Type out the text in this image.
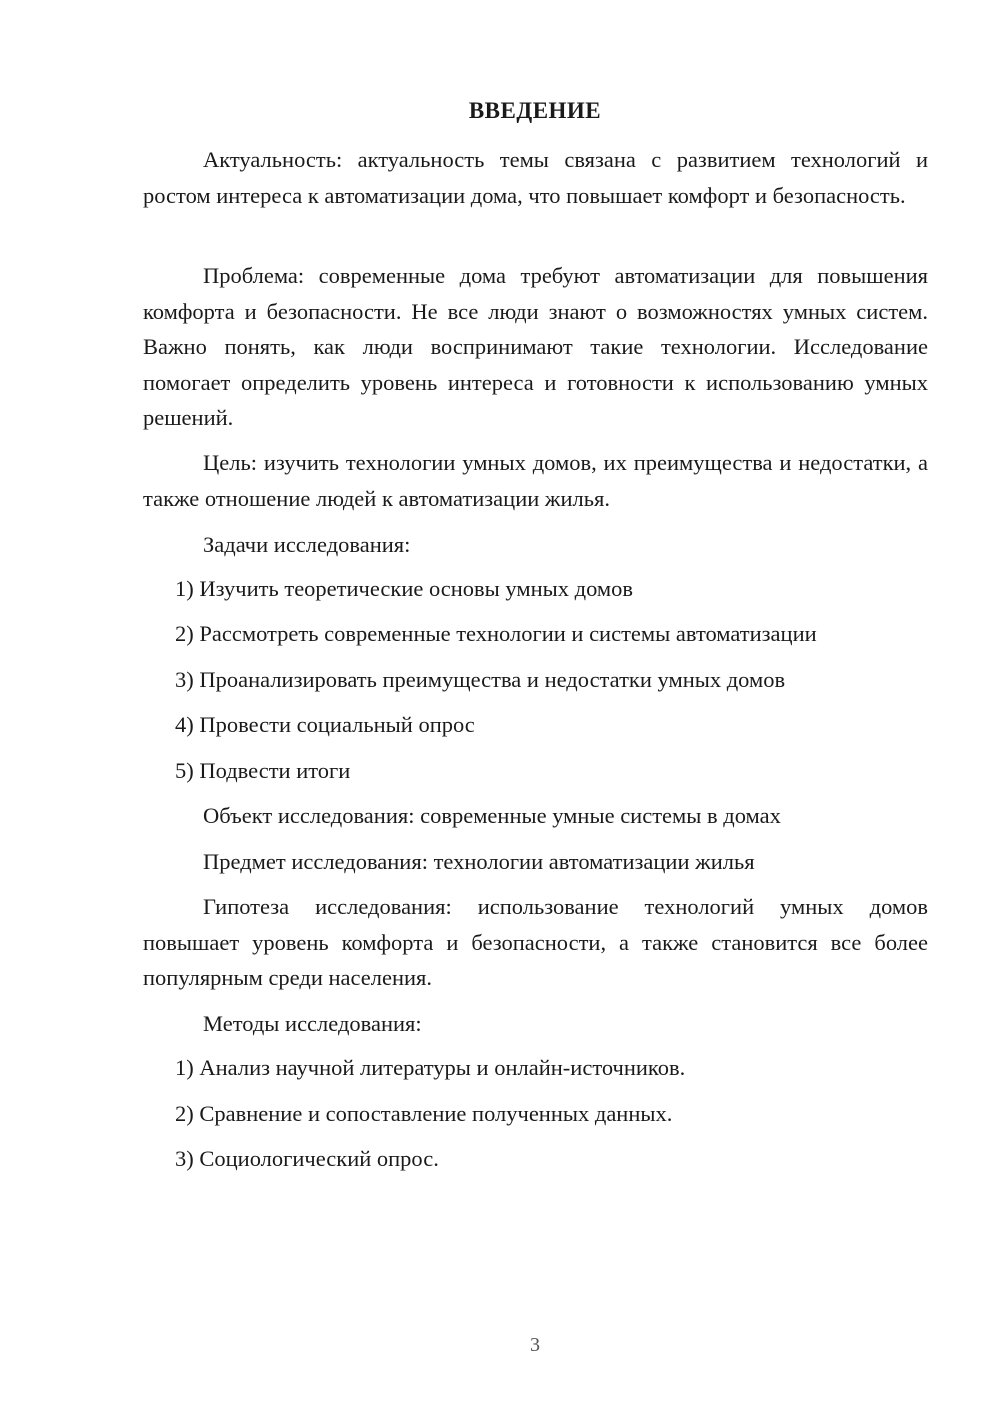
ВВЕДЕНИЕ

Актуальность: актуальность темы связана с развитием технологий и ростом интереса к автоматизации дома, что повышает комфорт и безопасность.

Проблема: современные дома требуют автоматизации для повышения комфорта и безопасности. Не все люди знают о возможностях умных систем. Важно понять, как люди воспринимают такие технологии. Исследование помогает определить уровень интереса и готовности к использованию умных решений.

Цель: изучить технологии умных домов, их преимущества и недостатки, а также отношение людей к автоматизации жилья.

Задачи исследования:

1) Изучить теоретические основы умных домов

2) Рассмотреть современные технологии и системы автоматизации

3) Проанализировать преимущества и недостатки умных домов

4) Провести социальный опрос

5) Подвести итоги

Объект исследования: современные умные системы в домах

Предмет исследования: технологии автоматизации жилья

Гипотеза исследования: использование технологий умных домов повышает уровень комфорта и безопасности, а также становится все более популярным среди населения.

Методы исследования:

1) Анализ научной литературы и онлайн-источников.

2) Сравнение и сопоставление полученных данных.

3) Социологический опрос.

3
